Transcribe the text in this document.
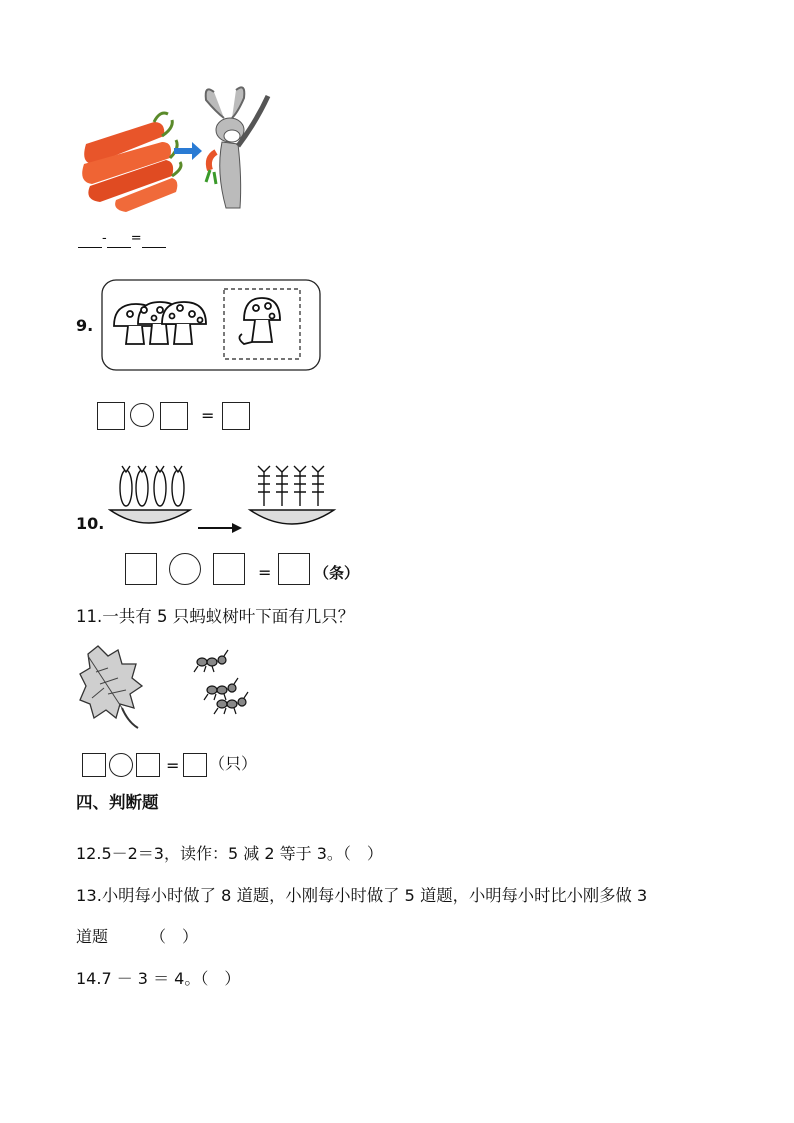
- =
9.
=
10.
=	（条）
11.一共有 5 只蚂蚁树叶下面有几只？
= （只）
四、判断题
12.5－2＝3，读作：5 减 2 等于 3。（　）
13.小明每小时做了 8 道题，小刚每小时做了 5 道题，小明每小时比小刚多做 3
道题	（　）
14.7 － 3 ＝ 4。（　）
